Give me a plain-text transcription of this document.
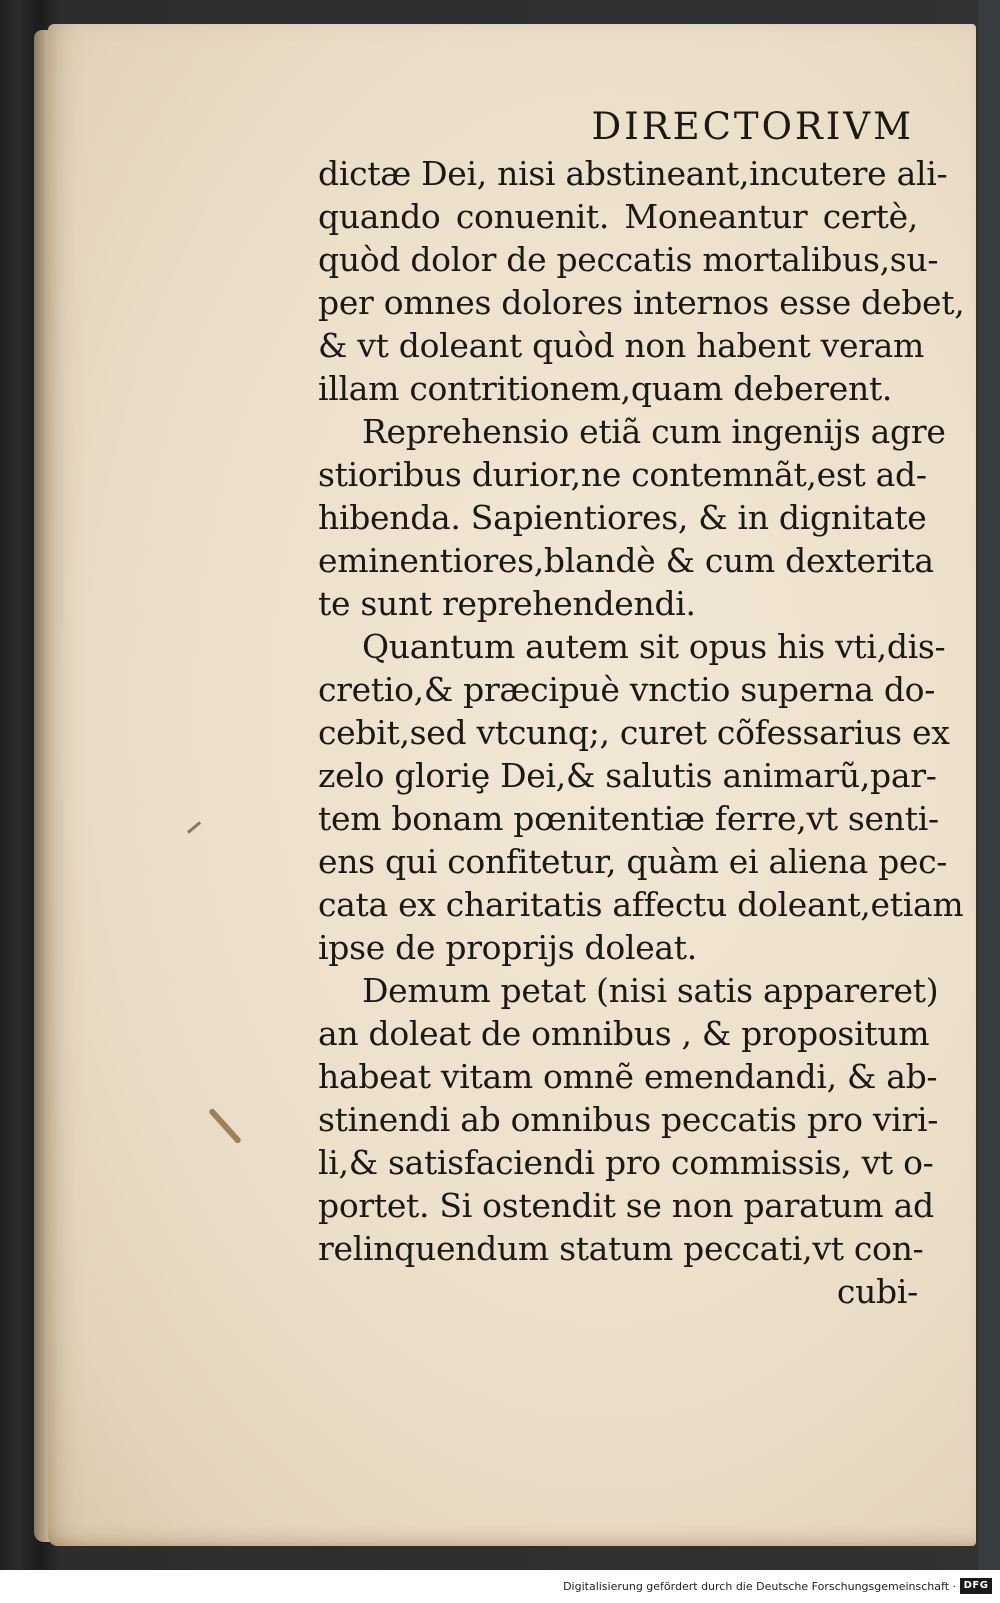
DIRECTORIVM
dictæ Dei, nisi abstineant,incutere ali-
quando conuenit. Moneantur certè,
quòd dolor de peccatis mortalibus,su-
per omnes dolores internos esse debet,
& vt doleant quòd non habent veram
illam contritionem,quam deberent.
Reprehensio etiã cum ingenijs agre
stioribus durior,ne contemnãt,est ad-
hibenda. Sapientiores, & in dignitate
eminentiores,blandè & cum dexterita
te sunt reprehendendi.
Quantum autem sit opus his vti,dis-
cretio,& præcipuè vnctio superna do-
cebit,sed vtcunq;, curet cõfessarius ex
zelo gloriȩ Dei,& salutis animarũ,par-
tem bonam pœnitentiæ ferre,vt senti-
ens qui confitetur, quàm ei aliena pec-
cata ex charitatis affectu doleant,etiam
ipse de proprijs doleat.
Demum petat (nisi satis appareret)
an doleat de omnibus , & propositum
habeat vitam omnẽ emendandi, & ab-
stinendi ab omnibus peccatis pro viri-
li,& satisfaciendi pro commissis, vt o-
portet. Si ostendit se non paratum ad
relinquendum statum peccati,vt con-
cubi-
Digitalisierung gefördert durch die Deutsche Forschungsgemeinschaft · DFG
